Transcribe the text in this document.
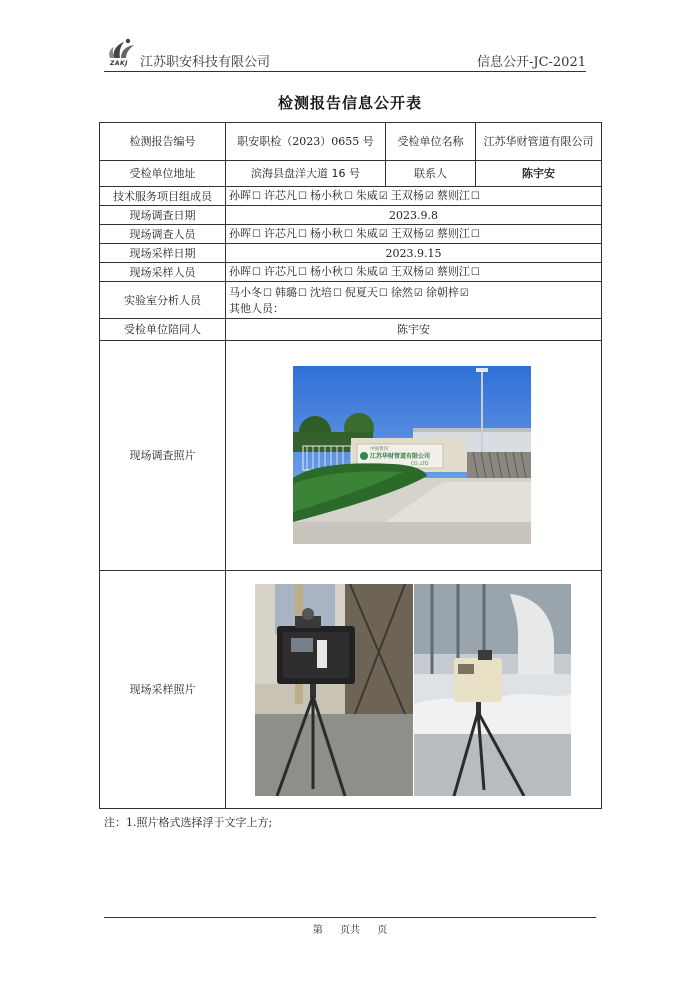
ZAKJ 江苏职安科技有限公司	信息公开-JC-2021
检测报告信息公开表
检测报告编号	职安职检（2023）0655 号	受检单位名称	江苏华财管道有限公司
受检单位地址	滨海县盘洋大道 16 号	联系人	陈宇安
技术服务项目组成员	孙晖☐ 许芯凡☐ 杨小秋☐ 朱威☑ 王双杨☑ 蔡则江☐		
现场调查日期	2023.9.8		
现场调查人员	孙晖☐ 许芯凡☐ 杨小秋☐ 朱威☑ 王双杨☑ 蔡则江☐		
现场采样日期	2023.9.15		
现场采样人员	孙晖☐ 许芯凡☐ 杨小秋☐ 朱威☑ 王双杨☑ 蔡则江☐		
实验室分析人员	马小冬☐ 韩璐☐ 沈培☐ 倪夏天☐ 徐然☑ 徐朝梓☑
其他人员：		

受检单位陪同人	陈宇安		
现场调查照片	中国黄河
江苏华财管道有限公司
CO.,LTD		

现场采样照片	
注：1.照片格式选择浮于文字上方;
第 页共 页
